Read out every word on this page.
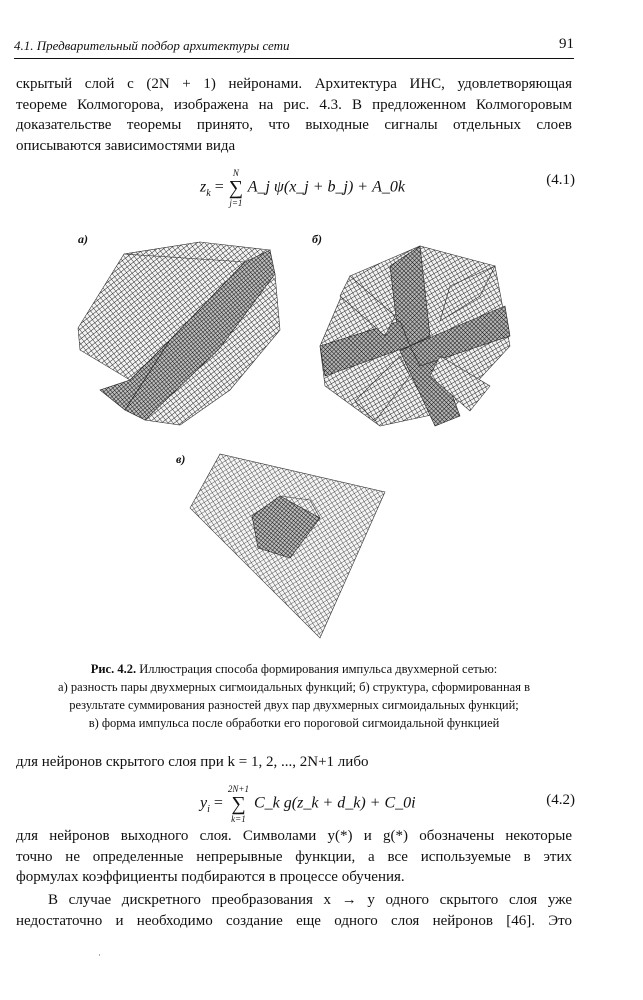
4.1. Предварительный подбор архитектуры сети	91
скрытый слой с (2N + 1) нейронами. Архитектура ИНС, удовлетворяющая
теореме Колмогорова, изображена на рис. 4.3. В предложенном Колмогоровым
доказательстве теоремы принято, что выходные сигналы отдельных слоев
описываются зависимостями вида
$z_k$ =
N
∑
j=1
A_j ψ(x_j + b_j) + A_0k	(4.1)
а)	б)
в)
Рис. 4.2. Иллюстрация способа формирования импульса двухмерной сетью:
а) разность пары двухмерных сигмоидальных функций; б) структура, сформированная в
результате суммирования разностей двух пар двухмерных сигмоидальных функций;
в) форма импульса после обработки его пороговой сигмоидальной функцией
для нейронов скрытого слоя при k = 1, 2, ..., 2N+1 либо
$y_i$ =
2N+1
∑
k=1
C_k g(z_k + d_k) + C_0i	(4.2)
для нейронов выходного слоя. Символами y(*) и g(*) обозначены некоторые
точно не определенные непрерывные функции, а все используемые в этих
формулах коэффициенты подбираются в процессе обучения.
В случае дискретного преобразования x → y одного скрытого слоя уже
недостаточно и необходимо создание еще одного слоя нейронов [46]. Это
·
